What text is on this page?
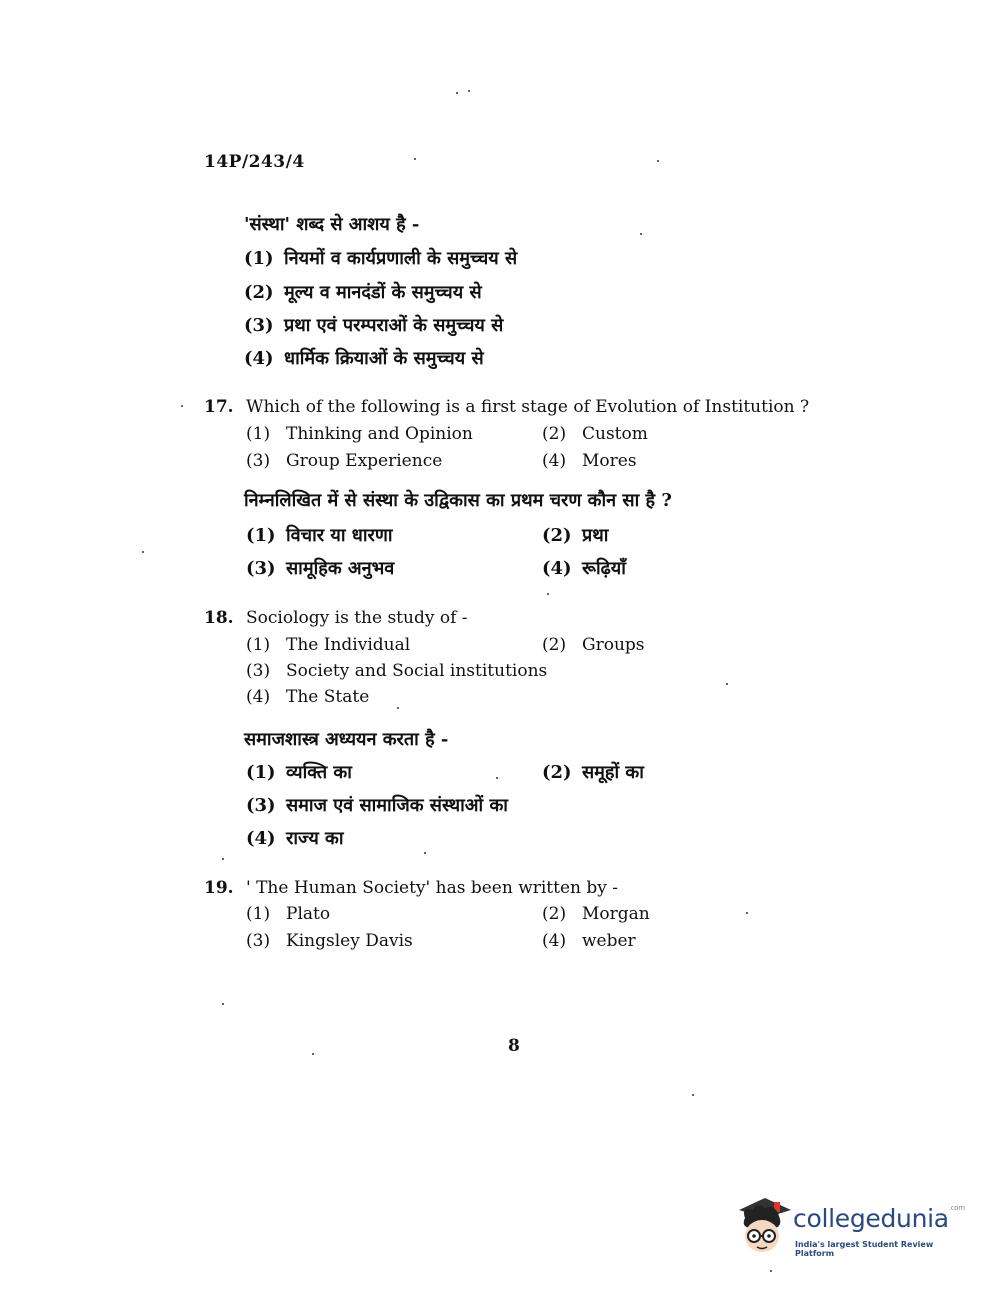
14P/243/4
'संस्था' शब्द से आशय है -
(1) नियमों व कार्यप्रणाली के समुच्चय से
(2) मूल्य व मानदंडों के समुच्चय से
(3) प्रथा एवं परम्पराओं के समुच्चय से
(4) धार्मिक क्रियाओं के समुच्चय से
17. Which of the following is a first stage of Evolution of Institution ?
(1) Thinking and Opinion	(2) Custom
(3) Group Experience	(4) Mores
निम्नलिखित में से संस्था के उद्विकास का प्रथम चरण कौन सा है ?
(1) विचार या धारणा	(2) प्रथा
(3) सामूहिक अनुभव	(4) रूढ़ियाँ
18. Sociology is the study of -
(1) The Individual	(2) Groups
(3) Society and Social institutions
(4) The State
समाजशास्त्र अध्ययन करता है -
(1) व्यक्ति का	(2) समूहों का
(3) समाज एवं सामाजिक संस्थाओं का
(4) राज्य का
19. ' The Human Society' has been written by -
(1) Plato	(2) Morgan
(3) Kingsley Davis	(4) weber
8
collegedunia$^{.com}$
India's largest Student Review Platform
